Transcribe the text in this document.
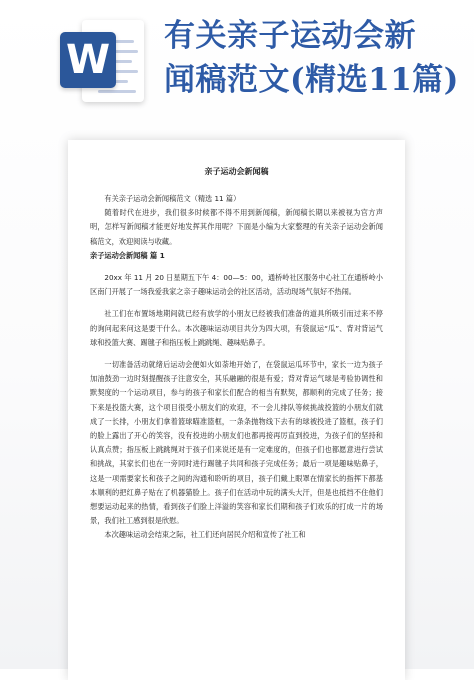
W
有关亲子运动会新
闻稿范文(精选11篇)
亲子运动会新闻稿

有关亲子运动会新闻稿范文（精选 11 篇）

随着时代在进步，我们很多时候都不得不用到新闻稿，新闻稿长期以来被视为官方声明，怎样写新闻稿才能更好地发挥其作用呢？下面是小编为大家整理的有关亲子运动会新闻稿范文，欢迎阅读与收藏。

亲子运动会新闻稿 篇 1

20xx 年 11 月 20 日星期五下午 4：00—5：00，通桥岭社区服务中心社工在通桥岭小区南门开展了一场我爱我家之亲子趣味运动会的社区活动，活动现场气氛好不热闹。

社工们在布置场地期间就已经有放学的小朋友已经被我们准备的道具所吸引而过来不停的询问起来问这是要干什么。本次趣味运动项目共分为四大项，有袋鼠运“瓜”、背对背运气球和投篮大赛、踢毽子和指压板上跳跳绳、趣味贴鼻子。

一切准备活动就绪后运动会便如火如荼地开始了，在袋鼠运瓜环节中，家长一边为孩子加油鼓劲一边时刻提醒孩子注意安全，其乐融融的很是有爱；背对背运气球是考验协调性和默契度的一个运动项目，参与的孩子和家长们配合的相当有默契，都顺利的完成了任务；接下来是投篮大赛，这个项目很受小朋友们的欢迎，不一会儿排队等候挑战投篮的小朋友们就成了一长排，小朋友们拿着篮球瞄准篮框，一条条抛物线下去有的球被投进了篮框，孩子们的脸上露出了开心的笑容，没有投进的小朋友们也都再接再厉直到投进，为孩子们的坚持和认真点赞；指压板上跳跳绳对于孩子们来说还是有一定难度的，但孩子们也都愿意进行尝试和挑战，其家长们也在一旁同时进行踢毽子共同和孩子完成任务；最后一项是趣味贴鼻子，这是一项需要家长和孩子之间的沟通和聆听的项目，孩子们戴上眼罩在情家长的指挥下都基本顺利的把红鼻子贴在了机器猫脸上。孩子们在活动中玩的满头大汗，但是也抵挡不住他们想要运动起来的热情，看到孩子们脸上洋溢的笑容和家长们期和孩子们欢乐的打成一片的场景，我们社工感到很是欣慰。

本次趣味运动会结束之际，社工们还向居民介绍和宣传了社工和
